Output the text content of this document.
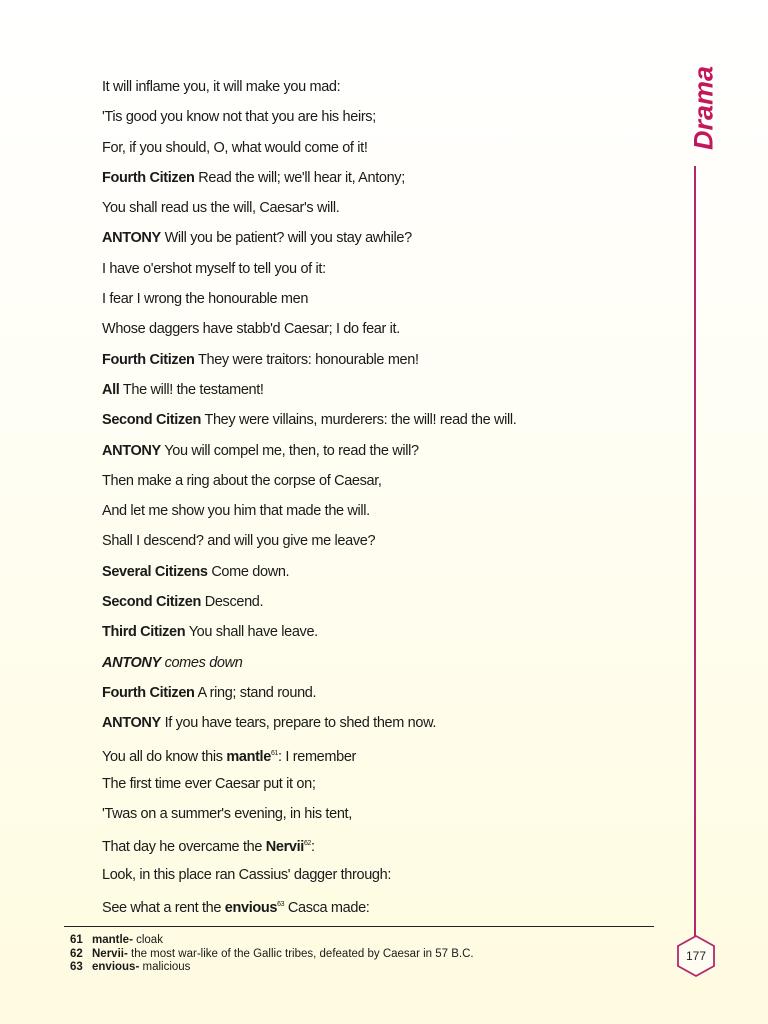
Drama
It will inflame you, it will make you mad:
'Tis good you know not that you are his heirs;
For, if you should, O, what would come of it!
Fourth Citizen Read the will; we'll hear it, Antony;
You shall read us the will, Caesar's will.
ANTONY Will you be patient? will you stay awhile?
I have o'ershot myself to tell you of it:
I fear I wrong the honourable men
Whose daggers have stabb'd Caesar; I do fear it.
Fourth Citizen They were traitors: honourable men!
All The will! the testament!
Second Citizen They were villains, murderers: the will! read the will.
ANTONY You will compel me, then, to read the will?
Then make a ring about the corpse of Caesar,
And let me show you him that made the will.
Shall I descend? and will you give me leave?
Several Citizens Come down.
Second Citizen Descend.
Third Citizen You shall have leave.
ANTONY comes down
Fourth Citizen A ring; stand round.
ANTONY If you have tears, prepare to shed them now.
You all do know this mantle$^{61}$: I remember
The first time ever Caesar put it on;
'Twas on a summer's evening, in his tent,
That day he overcame the Nervii$^{62}$:
Look, in this place ran Cassius' dagger through:
See what a rent the envious$^{63}$ Casca made:
61 mantle- cloak
62 Nervii- the most war-like of the Gallic tribes, defeated by Caesar in 57 B.C.
63 envious- malicious
177
